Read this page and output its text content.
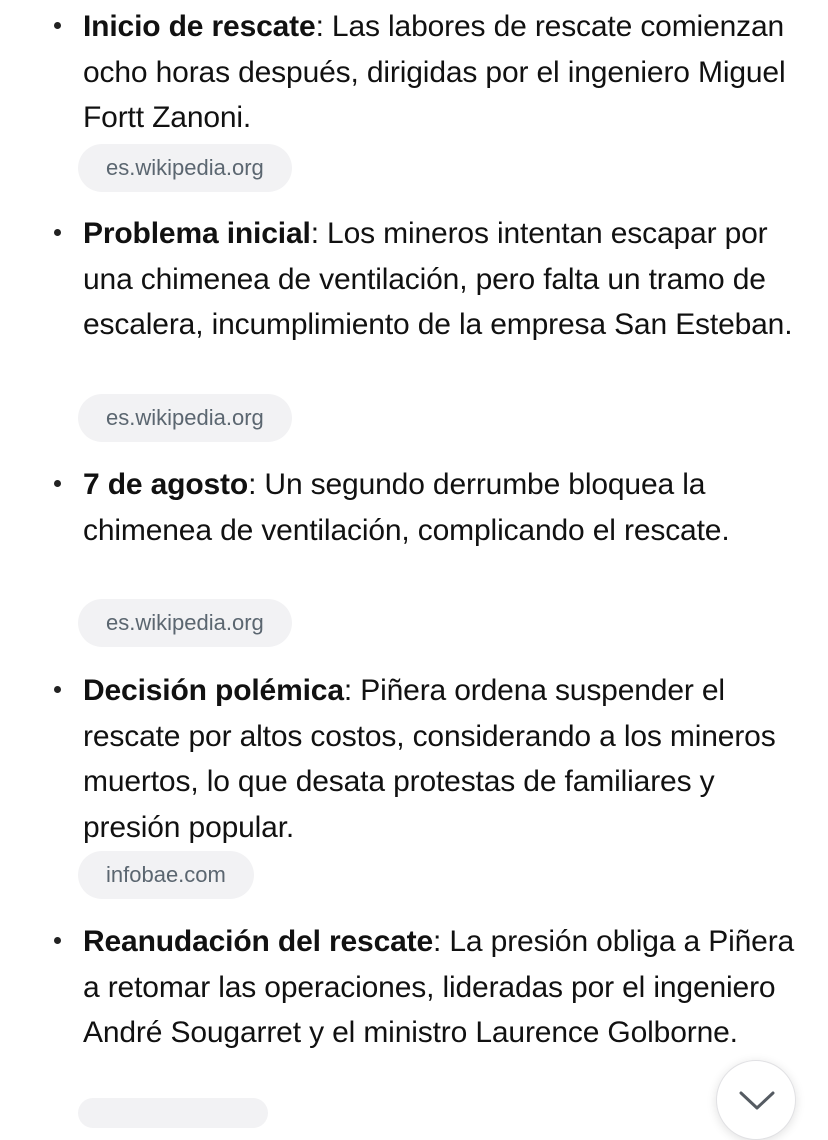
Inicio de rescate: Las labores de rescate comienzan ocho horas después, dirigidas por el ingeniero Miguel Fortt Zanoni.
es.wikipedia.org
Problema inicial: Los mineros intentan escapar por una chimenea de ventilación, pero falta un tramo de escalera, incumplimiento de la empresa San Esteban.
es.wikipedia.org
7 de agosto: Un segundo derrumbe bloquea la chimenea de ventilación, complicando el rescate.
es.wikipedia.org
Decisión polémica: Piñera ordena suspender el rescate por altos costos, considerando a los mineros muertos, lo que desata protestas de familiares y presión popular.
infobae.com
Reanudación del rescate: La presión obliga a Piñera a retomar las operaciones, lideradas por el ingeniero André Sougarret y el ministro Laurence Golborne.
